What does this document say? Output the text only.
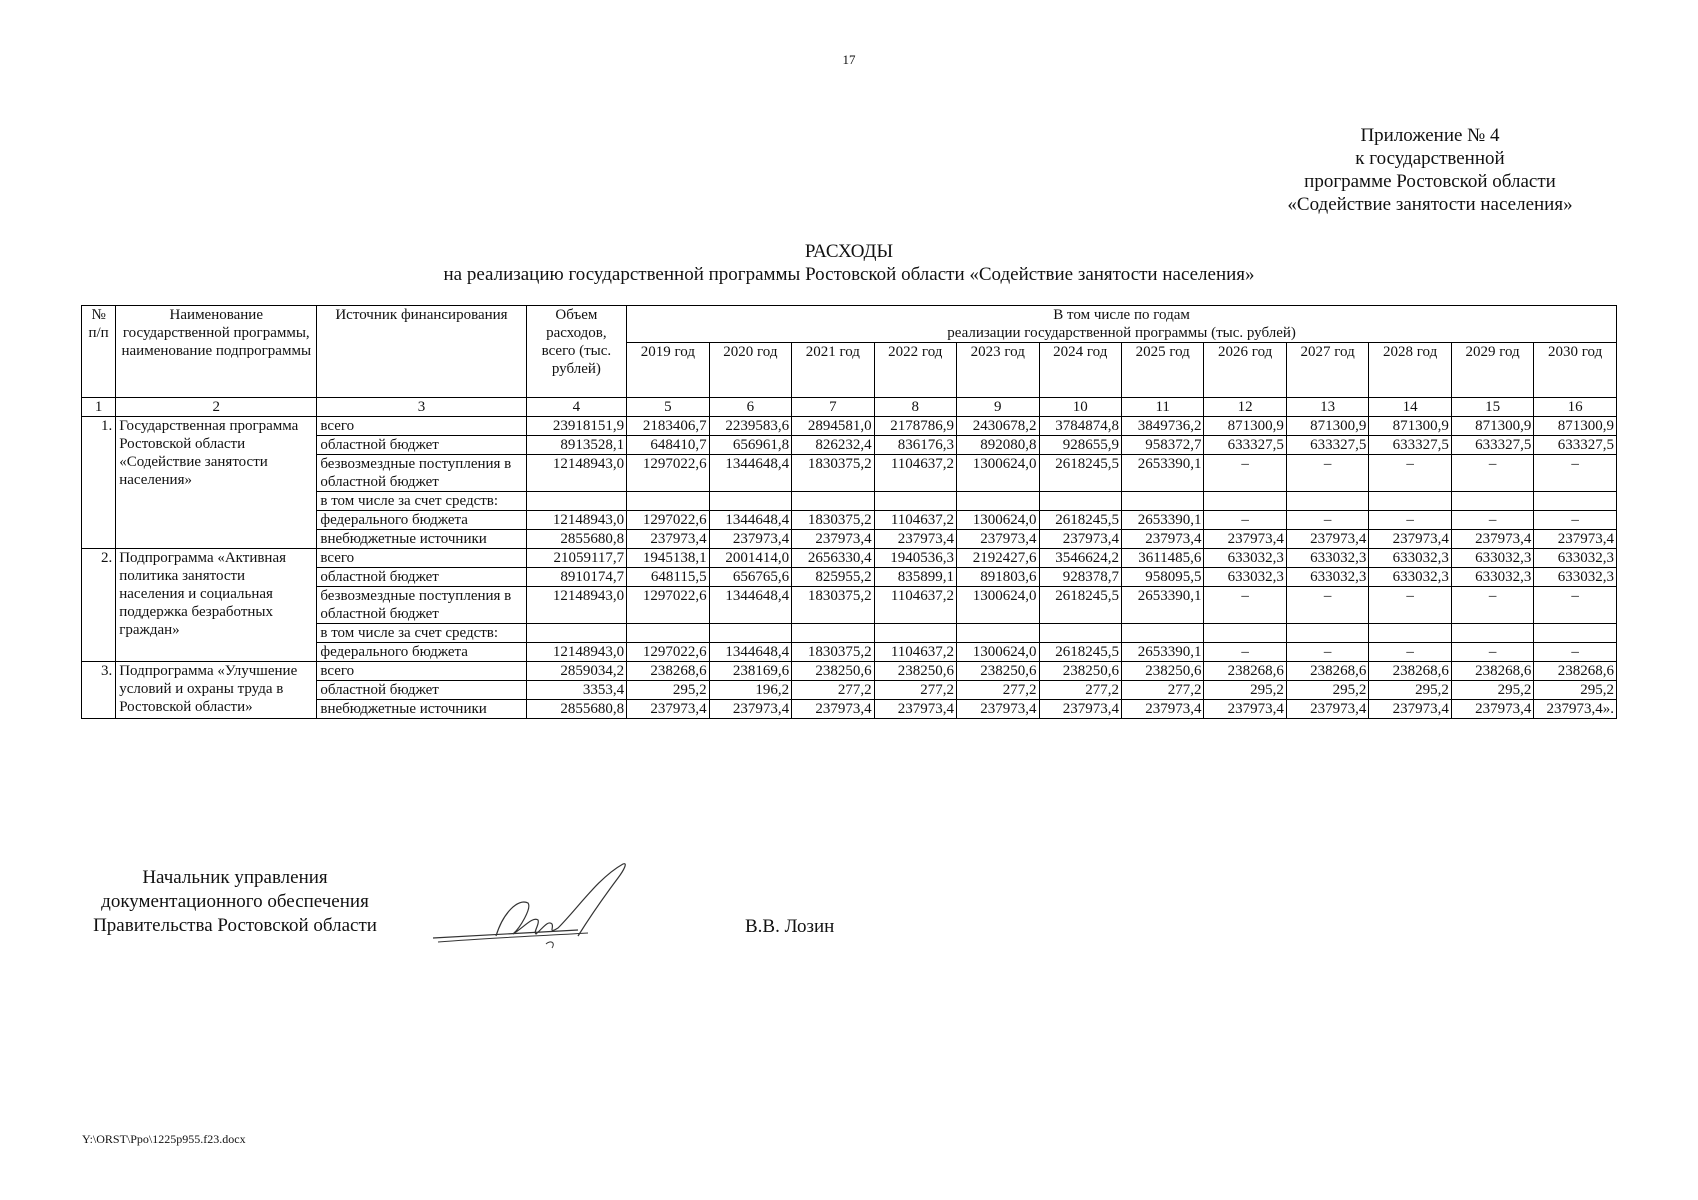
17
Приложение № 4
к государственной
программе Ростовской области
«Содействие занятости населения»
РАСХОДЫ
на реализацию государственной программы Ростовской области «Содействие занятости населения»
№ п/п	Наименование государственной программы, наименование подпрограммы	Источник финансирования	Объем расходов, всего (тыс. рублей)	В том числе по годам
реализации государственной программы (тыс. рублей)											

				2019 год	2020 год	2021 год	2022 год	2023 год	2024 год	2025 год	2026 год	2027 год	2028 год	2029 год	2030 год
1	2	3	4	5	6	7	8	9	10	11	12	13	14	15	16
1.	Государственная программа Ростовской области «Содействие занятости населения»	всего	23918151,9	2183406,7	2239583,6	2894581,0	2178786,9	2430678,2	3784874,8	3849736,2	871300,9	871300,9	871300,9	871300,9	871300,9
		областной бюджет	8913528,1	648410,7	656961,8	826232,4	836176,3	892080,8	928655,9	958372,7	633327,5	633327,5	633327,5	633327,5	633327,5
		безвозмездные поступления в областной бюджет	12148943,0	1297022,6	1344648,4	1830375,2	1104637,2	1300624,0	2618245,5	2653390,1	–	–	–	–	–
		в том числе за счет средств:													
		федерального бюджета	12148943,0	1297022,6	1344648,4	1830375,2	1104637,2	1300624,0	2618245,5	2653390,1	–	–	–	–	–
		внебюджетные источники	2855680,8	237973,4	237973,4	237973,4	237973,4	237973,4	237973,4	237973,4	237973,4	237973,4	237973,4	237973,4	237973,4
2.	Подпрограмма «Активная политика занятости населения и социальная поддержка безработных граждан»	всего	21059117,7	1945138,1	2001414,0	2656330,4	1940536,3	2192427,6	3546624,2	3611485,6	633032,3	633032,3	633032,3	633032,3	633032,3
		областной бюджет	8910174,7	648115,5	656765,6	825955,2	835899,1	891803,6	928378,7	958095,5	633032,3	633032,3	633032,3	633032,3	633032,3
		безвозмездные поступления в областной бюджет	12148943,0	1297022,6	1344648,4	1830375,2	1104637,2	1300624,0	2618245,5	2653390,1	–	–	–	–	–
		в том числе за счет средств:													
		федерального бюджета	12148943,0	1297022,6	1344648,4	1830375,2	1104637,2	1300624,0	2618245,5	2653390,1	–	–	–	–	–
3.	Подпрограмма «Улучшение условий и охраны труда в Ростовской области»	всего	2859034,2	238268,6	238169,6	238250,6	238250,6	238250,6	238250,6	238250,6	238268,6	238268,6	238268,6	238268,6	238268,6
		областной бюджет	3353,4	295,2	196,2	277,2	277,2	277,2	277,2	277,2	295,2	295,2	295,2	295,2	295,2
		внебюджетные источники	2855680,8	237973,4	237973,4	237973,4	237973,4	237973,4	237973,4	237973,4	237973,4	237973,4	237973,4	237973,4	237973,4».
Начальник управления
документационного обеспечения
Правительства Ростовской области	В.В. Лозин
Y:\ORST\Ppo\1225p955.f23.docx
